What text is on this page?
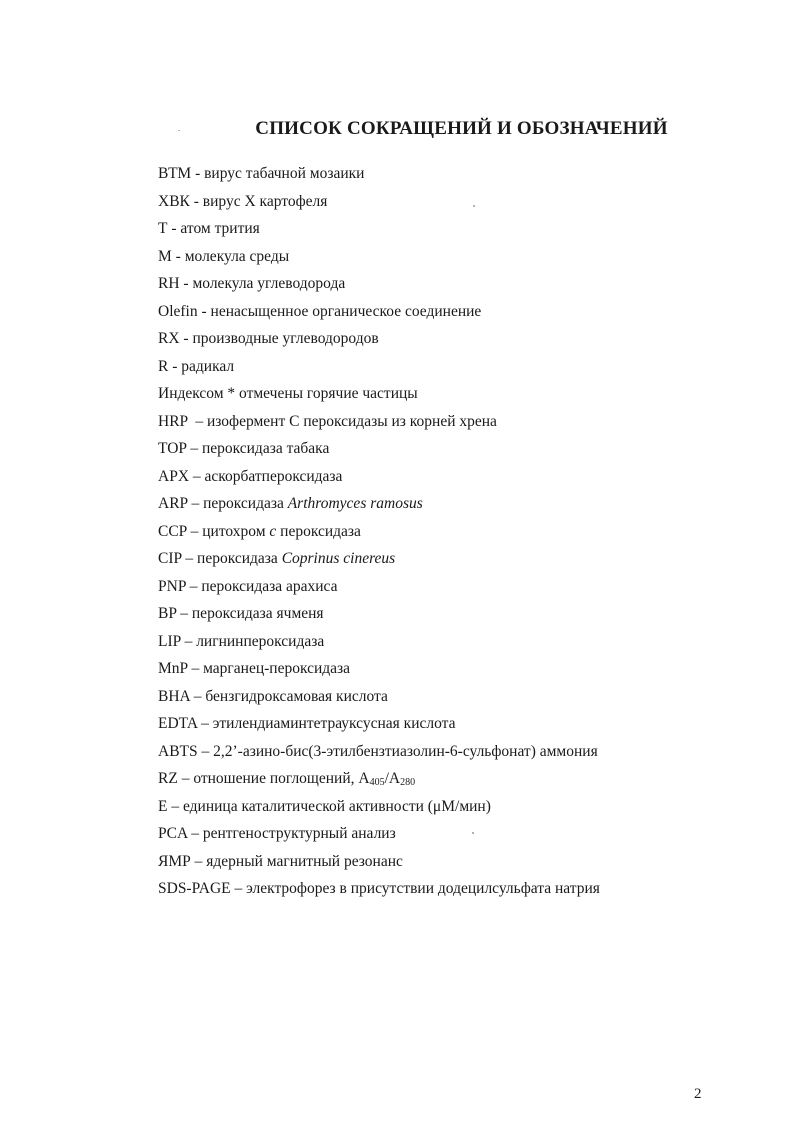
СПИСОК СОКРАЩЕНИЙ И ОБОЗНАЧЕНИЙ
ВТМ - вирус табачной мозаики
ХВК - вирус Х картофеля
Т - атом трития
М - молекула среды
RH - молекула углеводорода
Olefin - ненасыщенное органическое соединение
RX - производные углеводородов
R - радикал
Индексом * отмечены горячие частицы
HRP  – изофермент С пероксидазы из корней хрена
TOP – пероксидаза табака
APX – аскорбатпероксидаза
ARP – пероксидаза Arthromyces ramosus
CCP – цитохром c пероксидаза
CIP – пероксидаза Coprinus cinereus
PNP – пероксидаза арахиса
BP – пероксидаза ячменя
LIP – лигнинпероксидаза
MnP – марганец-пероксидаза
BHA – бензгидроксамовая кислота
EDTA – этилендиаминтетрауксусная кислота
ABTS – 2,2’-азино-бис(3-этилбензтиазолин-6-сульфонат) аммония
RZ – отношение поглощений, $A_{405}/A_{280}$
E – единица каталитической активности (μM/мин)
PCA – рентгеноструктурный анализ
ЯМР – ядерный магнитный резонанс
SDS-PAGE – электрофорез в присутствии додецилсульфата натрия
2
